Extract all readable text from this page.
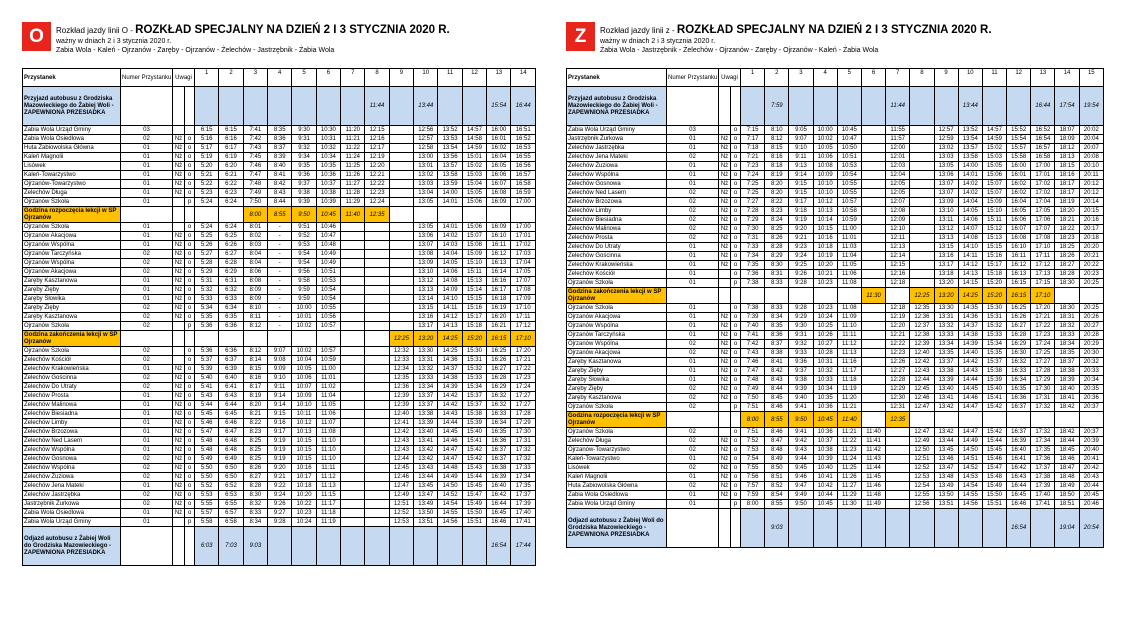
O	Rozkład jazdy linii O - ROZKŁAD SPECJALNY NA DZIEŃ 2 I 3 STYCZNIA 2020 R.
ważny w dniach 2 i 3 stycznia 2020 r.
Zabia Wola - Kaleń - Ojrzanów - Zaręby - Ojrzanów - Żelechów - Jastrzębnik - Żabia Wola
Przystanek	Numer Przystanku	Uwagi		1	2	3	4	5	6	7	8	9	10	11	12	13	14
Przyjazd autobusu z Grodziska Mazowieckiego do Żabiej Woli - ZAPEWNIONA PRZESIADKA											11:44		13:44			15:54	16:44
Żabia Wola Urząd Gminy	03			6:15	6:15	7:41	8:35	9:30	10:30	11:20	12:15		12:56	13:52	14:57	16:00	16:51
Żabia Wola Osiedlowa	02	Nż	o	5:16	6:16	7:42	8:36	9:31	10:31	11:21	12:16		12:57	13:53	14:58	16:01	16:52
Huta Żabiowolska Główna	01	Nż	o	5:17	6:17	7:43	8:37	9:32	10:32	11:22	12:17		12:58	13:54	14:59	16:02	16:53
Kaleń Magnolii	01	Nż	o	5:19	6:19	7:45	8:39	9:34	10:34	11:24	12:19		13:00	13:56	15:01	16:04	16:55
Lisówek	01	Nż	o	5:20	6:20	7:46	8:40	9:35	10:35	11:25	12:20		13:01	13:57	15:02	16:05	16:56
Kaleń-Towarzystwo	01	Nż	o	5:21	6:21	7:47	8:41	9:36	10:36	11:26	12:21		13:02	13:58	15:03	16:06	16:57
Ojrzanów-Towarzystwo	01	Nż	o	5:22	6:22	7:48	8:42	9:37	10:37	11:27	12:22		13:03	13:59	15:04	16:07	16:58
Żelechów Długa	01	Nż	o	5:23	6:23	7:49	8:43	9:38	10:38	11:28	12:23		13:04	14:00	15:05	16:08	16:59
Ojrzanów Szkoła	01		p	5:24	6:24	7:50	8:44	9:39	10:39	11:29	12:24		13:05	14:01	15:06	16:09	17:00
Godzina rozpoczęcia lekcji w SP Ojrzanów						8:00	8:55	9:50	10:45	11:40	12:35						
Ojrzanów Szkoła	01		o	5:24	6:24	8:01	-	9:51	10:46				13:05	14:01	15:06	16:09	17:00
Ojrzanów Akacjowa	01	Nż	o	5:25	6:25	8:02	-	9:52	10:47				13:06	14:02	15:07	16:10	17:01
Ojrzanów Wspólna	01	Nż	o	5:26	6:26	8:03	-	9:53	10:48				13:07	14:03	15:08	16:11	17:02
Ojrzanów Tarczyńska	02	Nż	o	5:27	6:27	8:04	-	9:54	10:49				13:08	14:04	15:09	16:12	17:03
Ojrzanów Wspólna	02	Nż	o	5:28	6:28	8:04	-	9:54	10:49				13:09	14:05	15:10	16:13	17:04
Ojrzanów Akacjowa	02	Nż	o	5:29	6:29	8:06	-	9:56	10:51				13:10	14:06	15:11	16:14	17:05
Zaręby Kasztanowa	01	Nż	o	5:31	6:31	8:08	-	9:58	10:53				13:12	14:08	15:13	16:16	17:07
Zaręby Zięby	01	Nż	o	5:32	6:32	8:09	-	9:59	10:54				13:13	14:09	15:14	16:17	17:08
Zaręby Słowika	01	Nż	o	5:33	6:33	8:09	-	9:59	10:54				13:14	14:10	15:15	16:18	17:09
Zaręby Zięby	02	Nż	o	5:34	6:34	8:10	-	10:00	10:55				13:15	14:11	15:16	16:19	17:10
Zaręby Kasztanowa	02	Nż	o	5:35	6:35	8:11	-	10:01	10:56				13:16	14:12	15:17	16:20	17:11
Ojrzanów Szkoła	02		p	5:36	6:36	8:12	-	10:02	10:57				13:17	14:13	15:18	16:21	17:12
Godzina zakończenia lekcji w SP Ojrzanów												12:25	13:20	14:25	15:20	16:15	17:10
Ojrzanów Szkoła	02		o	5:36	6:36	8:12	9:07	10:02	10:57			12:32	13:30	14:25	15:30	16:25	17:20
Żelechów Kościół	02		o	5:37	6:37	8:14	9:08	10:04	10:59			12:33	13:31	14:36	15:31	16:26	17:21
Żelechów Krakowieńska	01	Nż	o	5:39	6:39	8:15	9:09	10:05	11:00			12:34	13:32	14:37	15:32	16:27	17:22
Żelechów Gościnna	02	Nż	o	5:40	6:40	8:16	9:10	10:06	11:01			12:35	13:33	14:38	15:33	16:28	17:23
Żelechów Do Utraty	02	Nż	o	5:41	6:41	8:17	9:11	10:07	11:02			12:36	13:34	14:39	15:34	16:29	17:24
Żelechów Prosta	01	Nż	o	5:43	6:43	8:19	9:14	10:09	11:04			12:39	13:37	14:42	15:37	16:32	17:27
Żelechów Malinowa	01	Nż	o	5:44	6:44	8:20	9:14	10:10	11:05			12:39	13:37	14:42	15:37	16:32	17:27
Żelechów Biesiadna	01	Nż	o	5:45	6:45	8:21	9:15	10:11	11:06			12:40	13:38	14:43	15:38	16:33	17:28
Żelechów Limby	01	Nż	o	5:46	6:46	8:22	9:16	10:12	11:07			12:41	13:39	14:44	15:39	16:34	17:29
Żelechów Brzozowa	01	Nż	o	5:47	6:47	8:23	9:17	10:13	11:08			12:42	13:40	14:45	15:40	16:35	17:30
Żelechów Ned Lasem	01	Nż	o	5:48	6:48	8:25	9:19	10:15	11:10			12:43	13:41	14:46	15:41	16:36	17:31
Żelechów Wspólna	01	Nż	o	5:48	6:48	8:25	9:19	10:15	11:10			12:43	13:42	14:47	15:42	16:37	17:32
Żelechów Gosnowa	02	Nż	o	5:49	6:49	8:25	9:19	10:15	11:10			12:44	13:42	14:47	15:42	16:37	17:32
Żelechów Wspólna	02	Nż	o	5:50	6:50	8:26	9:20	10:16	11:11			12:45	13:43	14:48	15:43	16:38	17:33
Żelechów Żuziowa	02	Nż	o	5:50	6:50	8:27	9:21	10:17	11:12			12:46	13:44	14:49	15:44	16:39	17:34
Żelechów Jena Mateki	01	Nż	o	5:52	6:52	8:28	9:22	10:18	11:13			12:47	13:45	14:50	15:45	16:40	17:35
Żelechów Jastrzębka	02	Nż	o	5:53	6:53	8:30	9:24	10:20	11:15			12:49	13:47	14:52	15:47	16:42	17:37
Jastrzębnik Żurkowa	02	Nż	o	5:55	6:55	8:32	9:26	10:22	11:17			12:51	13:49	14:54	15:49	16:44	17:39
Żabia Wola Osiedlowa	01	Nż	o	5:57	6:57	8:33	9:27	10:23	11:18			12:52	13:50	14:55	15:50	16:45	17:40
Żabia Wola Urząd Gminy	01		p	5:58	6:58	8:34	9:28	10:24	11:19			12:53	13:51	14:56	15:51	16:46	17:41
Odjazd autobusu z Żabiej Woli do Grodziska Mazowieckiego - ZAPEWNIONA PRZESIADKA				6:03	7:03	9:03										16:54	17:44
Z	Rozkład jazdy linii z - ROZKŁAD SPECJALNY NA DZIEŃ 2 I 3 STYCZNIA 2020 R.
ważny w dniach 2 i 3 stycznia 2020 r.
Żabia Wola - Jastrzębnik - Żelechów - Ojrzanów - Zaręby - Ojrzanów - Kaleń - Żabia Wola
Przystanek	Numer Przystanku	Uwagi		1	2	3	4	5	6	7	8	9	10	11	12	13	14	15
Przyjazd autobusu z Grodziska Mazowieckiego do Żabiej Woli - ZAPEWNIONA PRZESIADKA					7:59					11:44			13:44			16:44	17:54	19:54
Żabia Wola Urząd Gminy	03		o	7:15	8:10	9:05	10:00	10:45		11:55		12:57	13:52	14:57	15:52	16:52	18:07	20:02
Jastrzębnik Żurkowa	01	Nż	o	7:17	8:12	9:07	10:02	10:47		11:57		12:59	13:54	14:59	15:54	16:54	18:09	20:04
Żelechów Jastrzębka	01	Nż	o	7:18	8:15	9:10	10:05	10:50		12:00		13:02	13:57	15:02	15:57	16:57	18:12	20:07
Żelechów Jena Mateki	02	Nż	o	7:21	8:16	9:11	10:06	10:51		12:01		13:03	13:58	15:03	15:58	16:58	18:13	20:08
Żelechów Żuziowa	01	Nż	o	7:23	8:18	9:13	10:08	10:53		12:03		13:05	14:00	15:05	16:00	17:00	18:15	20:10
Żelechów Wspólna	01	Nż	o	7:24	8:19	9:14	10:09	10:54		12:04		13:06	14:01	15:06	16:01	17:01	18:16	20:11
Żelechów Gosnowa	01	Nż	o	7:25	8:20	9:15	10:10	10:55		12:05		13:07	14:02	15:07	16:02	17:02	18:17	20:12
Żelechów Ned Lasem	02	Nż	o	7:25	8:20	9:15	10:10	10:55		12:05		13:07	14:02	15:07	16:02	17:02	18:17	20:12
Żelechów Brzozowa	02	Nż	o	7:27	8:22	9:17	10:12	10:57		12:07		13:09	14:04	15:09	16:04	17:04	18:19	20:14
Żelechów Limby	02	Nż	o	7:28	8:23	9:18	10:13	10:58		12:08		13:10	14:05	15:10	16:05	17:05	18:20	20:15
Żelechów Biesiadna	02	Nż	o	7:29	8:24	9:19	10:14	10:59		12:09		13:11	14:06	15:11	16:06	17:06	18:21	20:16
Żelechów Malinowa	02	Nż	o	7:30	8:25	9:20	10:15	11:00		12:10		13:12	14:07	15:12	16:07	17:07	18:22	20:17
Żelechów Prosta	02	Nż	o	7:31	8:26	9:21	10:16	11:01		12:11		13:13	14:08	15:13	16:08	17:08	18:23	20:18
Żelechów Do Utraty	01	Nż	o	7:33	8:28	9:23	10:18	11:03		12:13		13:15	14:10	15:15	16:10	17:10	18:25	20:20
Żelechów Gościnna	01	Nż	o	7:34	8:29	9:24	10:19	11:04		12:14		13:16	14:11	15:16	16:11	17:11	18:26	20:21
Żelechów Krakowieńska	01	Nż	o	7:35	8:30	9:25	10:20	11:05		12:15		13:17	14:12	15:17	16:12	17:12	18:27	20:22
Żelechów Kościół	01		o	7:36	8:31	9:26	10:21	11:06		12:16		13:18	14:13	15:18	16:13	17:13	18:28	20:23
Ojrzanów Szkoła	01		p	7:38	8:33	9:28	10:23	11:08		12:18		13:20	14:15	15:20	16:15	17:15	18:30	20:25
Godzina zakończenia lekcji w SP Ojrzanów									11:30		12:25	13:20	14:25	15:20	16:15	17:10		
Ojrzanów Szkoła	01		o	7:38	8:33	9:28	10:23	11:08		12:18	12:35	13:30	14:35	15:30	16:25	17:20	18:30	20:25
Ojrzanów Akacjowa	01	Nż	o	7:39	8:34	9:29	10:24	11:09		12:19	12:36	13:31	14:36	15:31	16:26	17:21	18:31	20:26
Ojrzanów Wspólna	01	Nż	o	7:40	8:35	9:30	10:25	11:10		12:20	12:37	13:32	14:37	15:32	16:27	17:22	18:32	20:27
Ojrzanów Tarczyńska	01	Nż	o	7:41	8:36	9:31	10:26	11:11		12:21	12:38	13:33	14:38	15:33	16:28	17:23	18:33	20:28
Ojrzanów Wspólna	02	Nż	o	7:42	8:37	9:32	10:27	11:12		12:22	12:39	13:34	14:39	15:34	16:29	17:24	18:34	20:29
Ojrzanów Akacjowa	02	Nż	o	7:43	8:38	9:33	10:28	11:13		12:23	12:40	13:35	14:40	15:35	16:30	17:25	18:35	20:30
Zaręby Kasztanowa	01	Nż	o	7:46	8:41	9:36	10:31	11:16		12:26	12:42	13:37	14:42	15:37	16:32	17:27	18:37	20:32
Zaręby Zięby	01	Nż	o	7:47	8:42	9:37	10:32	11:17		12:27	12:43	13:38	14:43	15:38	16:33	17:28	18:38	20:33
Zaręby Słowika	01	Nż	o	7:48	8:43	9:38	10:33	11:18		12:28	12:44	13:39	14:44	15:39	16:34	17:29	18:39	20:34
Zaręby Zięby	02	Nż	o	7:49	8:44	9:39	10:34	11:19		12:29	12:45	13:40	14:45	15:40	16:35	17:30	18:40	20:35
Zaręby Kasztanowa	02	Nż	o	7:50	8:45	9:40	10:35	11:20		12:30	12:46	13:41	14:46	15:41	16:36	17:31	18:41	20:36
Ojrzanów Szkoła	02		p	7:51	8:46	9:41	10:36	11:21		12:31	12:47	13:42	14:47	15:42	16:37	17:32	18:42	20:37
Godzina rozpoczęcia lekcji w SP Ojrzanów				8:00	8:55	9:50	10:45	11:40		12:35								
Ojrzanów Szkoła	02		o	7:51	8:46	9:41	10:36	11:21	11:40		12:47	13:42	14:47	15:42	16:37	17:32	18:42	20:37
Żelechów Długa	02	Nż	o	7:52	8:47	9:42	10:37	11:22	11:41		12:49	13:44	14:49	15:44	16:39	17:34	18:44	20:39
Ojrzanów-Towarzystwo	02	Nż	o	7:53	8:48	9:43	10:38	11:23	11:42		12:50	13:45	14:50	15:45	16:40	17:35	18:45	20:40
Kaleń-Towarzystwo	01	Nż	o	7:54	8:49	9:44	10:39	11:24	11:43		12:51	13:46	14:51	15:46	16:41	17:36	18:46	20:41
Lisówek	02	Nż	o	7:55	8:50	9:45	10:40	11:25	11:44		12:52	13:47	14:52	15:47	16:42	17:37	18:47	20:42
Kaleń Magnolii	01	Nż	o	7:56	8:51	9:46	10:41	11:26	11:45		12:53	13:48	14:53	15:48	16:43	17:38	18:48	20:43
Huta Żabiowolska Główna	02	Nż	o	7:57	8:52	9:47	10:42	11:27	11:46		12:54	13:49	14:54	15:49	16:44	17:39	18:49	20:44
Żabia Wola Osiedlowa	01	Nż	o	7:59	8:54	9:49	10:44	11:29	11:48		12:55	13:50	14:55	15:50	16:45	17:40	18:50	20:45
Żabia Wola Urząd Gminy	01		p	8:00	8:55	9:50	10:45	11:30	11:49		12:56	13:51	14:56	15:51	16:46	17:41	18:51	20:46
Odjazd autobusu z Żabiej Woli do Grodziska Mazowieckiego - ZAPEWNIONA PRZESIADKA					9:03										16:54		19:04	20:54
